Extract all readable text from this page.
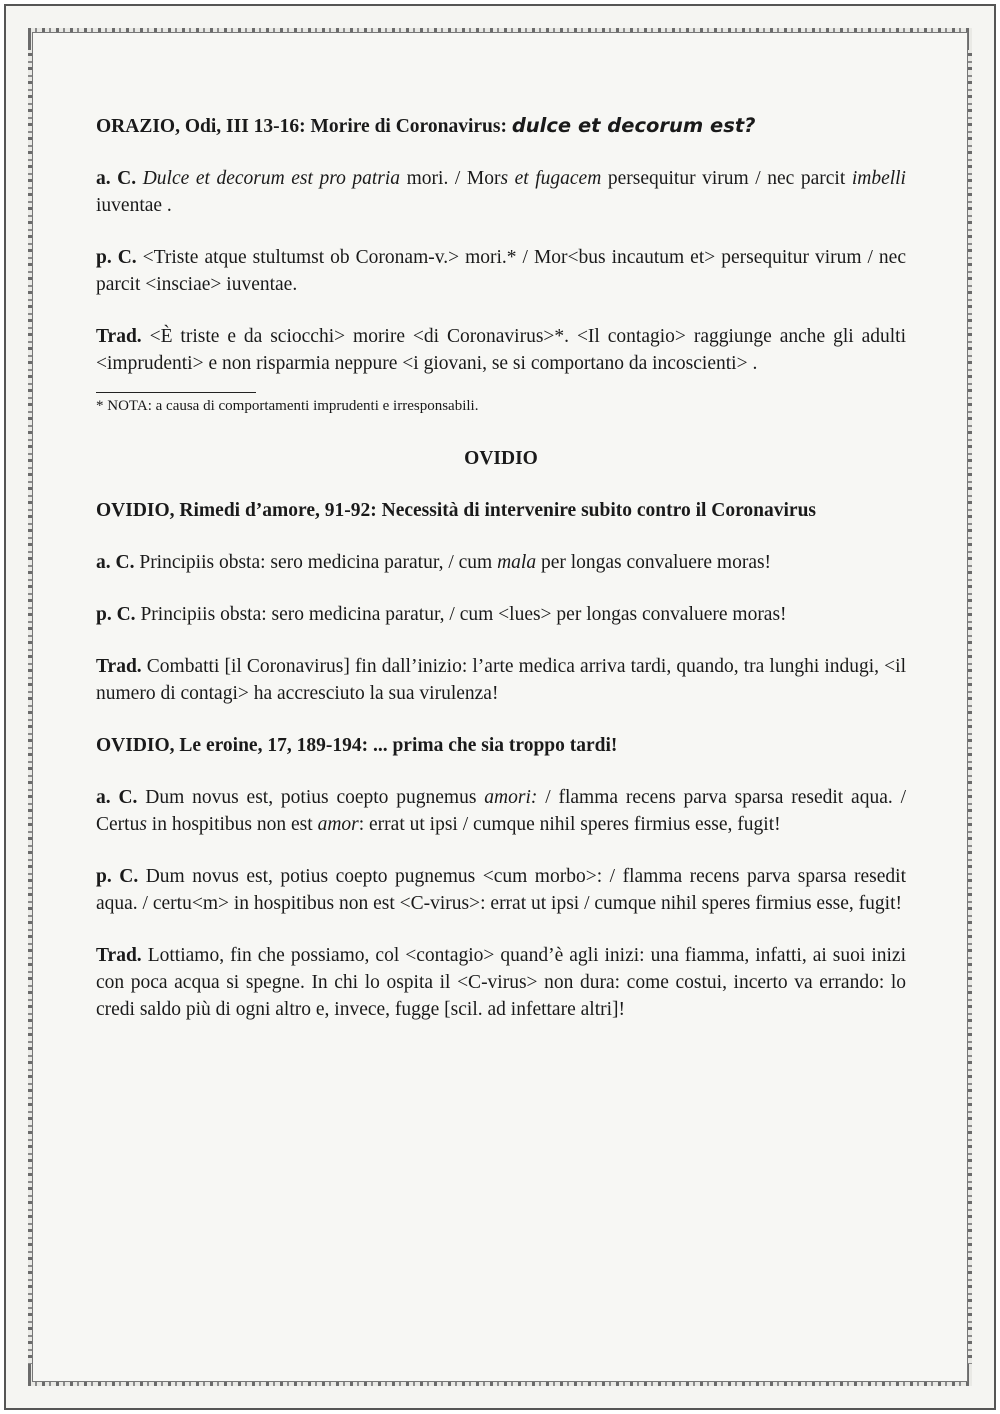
ORAZIO, Odi, III 13-16: Morire di Coronavirus: dulce et decorum est?

a. C. Dulce et decorum est pro patria mori. / Mors et fugacem persequitur virum / nec parcit imbelli iuventae .

p. C. <Triste atque stultumst ob Coronam-v.> mori.* / Mor<bus incautum et> persequitur virum / nec parcit <insciae> iuventae.

Trad. <È triste e da sciocchi> morire <di Coronavirus>*. <Il contagio> raggiunge anche gli adulti <imprudenti> e non risparmia neppure <i giovani, se si comportano da incoscienti> .

* NOTA: a causa di comportamenti imprudenti e irresponsabili.

OVIDIO

OVIDIO, Rimedi d’amore, 91-92: Necessità di intervenire subito contro il Coronavirus

a. C. Principiis obsta: sero medicina paratur, / cum mala per longas convaluere moras!

p. C. Principiis obsta: sero medicina paratur, / cum <lues> per longas convaluere moras!

Trad. Combatti [il Coronavirus] fin dall’inizio: l’arte medica arriva tardi, quando, tra lunghi indugi, <il numero di contagi> ha accresciuto la sua virulenza!

OVIDIO, Le eroine, 17, 189-194: ... prima che sia troppo tardi!

a. C. Dum novus est, potius coepto pugnemus amori: / flamma recens parva sparsa resedit aqua. / Certus in hospitibus non est amor: errat ut ipsi / cumque nihil speres firmius esse, fugit!

p. C. Dum novus est, potius coepto pugnemus <cum morbo>: / flamma recens parva sparsa resedit aqua. / certu<m> in hospitibus non est <C-virus>: errat ut ipsi / cumque nihil speres firmius esse, fugit!

Trad. Lottiamo, fin che possiamo, col <contagio> quand’è agli inizi: una fiamma, infatti, ai suoi inizi con poca acqua si spegne. In chi lo ospita il <C-virus> non dura: come costui, incerto va errando: lo credi saldo più di ogni altro e, invece, fugge [scil. ad infettare altri]!
